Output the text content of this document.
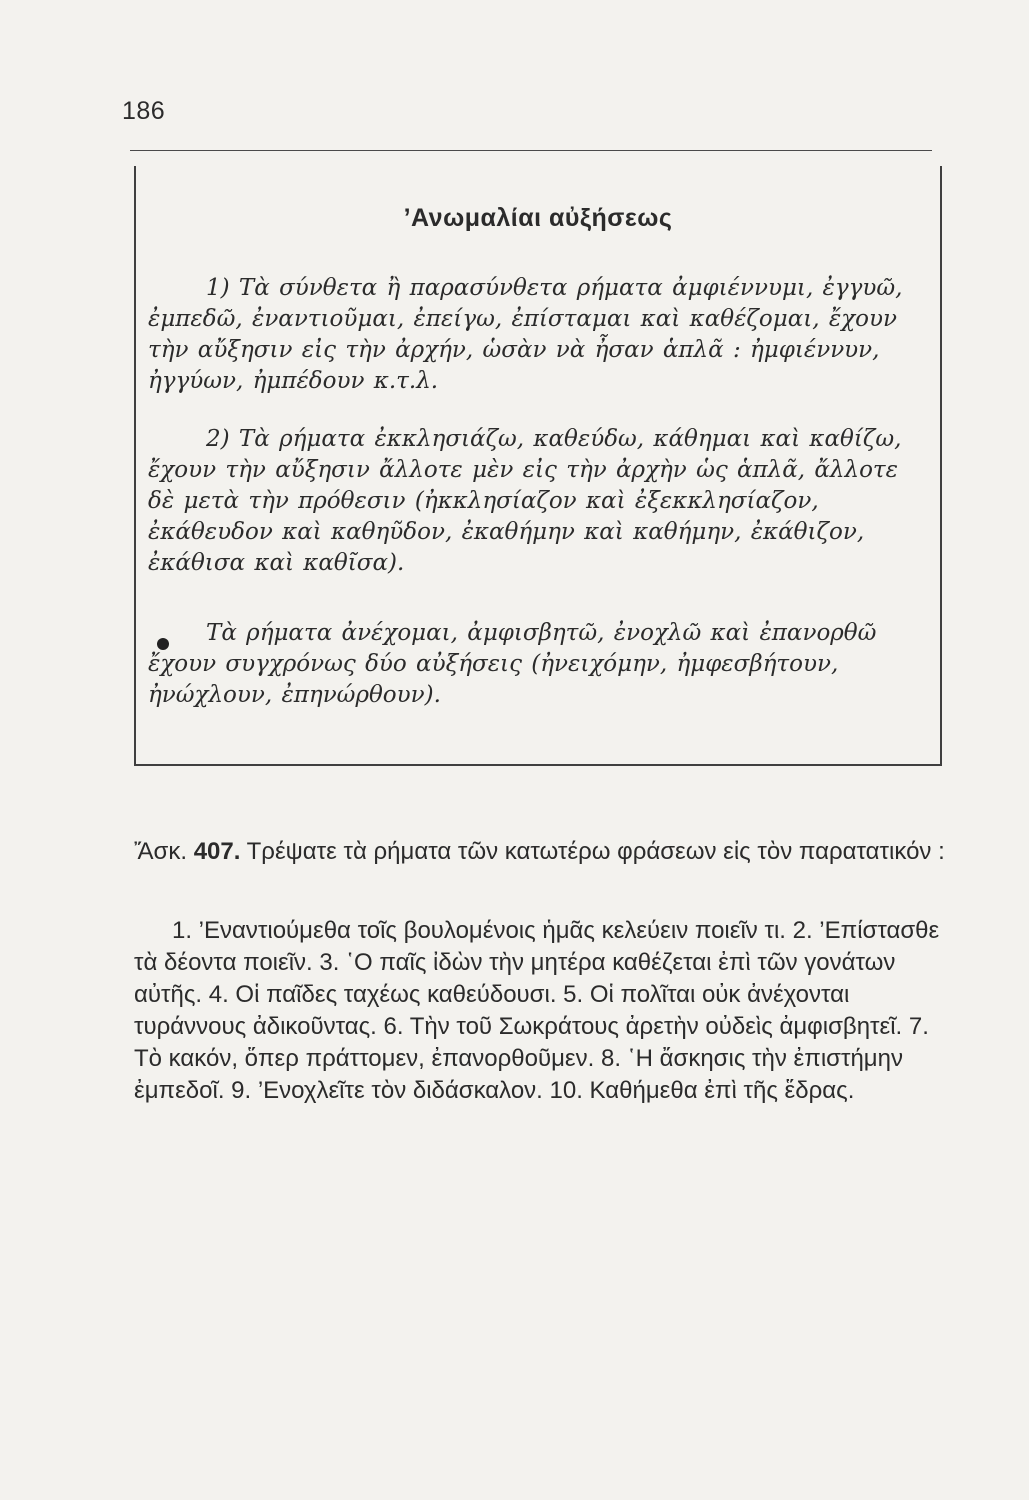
186
’Ανωμαλίαι αὐξήσεως
1) Τὰ σύνθετα ἢ παρασύνθετα ρήματα ἀμφιέννυμι, ἐγγυῶ, ἐμπεδῶ, ἐναντιοῦμαι, ἐπείγω, ἐπίσταμαι καὶ καθέζομαι, ἔχουν τὴν αὔξησιν εἰς τὴν ἀρχήν, ὡσὰν νὰ ἦσαν ἁπλᾶ : ἠμφιέννυν, ἠγγύων, ἠμπέδουν κ.τ.λ.
2) Τὰ ρήματα ἐκκλησιάζω, καθεύδω, κάθημαι καὶ καθίζω, ἔχουν τὴν αὔξησιν ἄλλοτε μὲν εἰς τὴν ἀρχὴν ὡς ἁπλᾶ, ἄλλοτε δὲ μετὰ τὴν πρόθεσιν (ἠκκλησίαζον καὶ ἐξεκκλησίαζον, ἐκάθευδον καὶ καθηῦδον, ἐκαθήμην καὶ καθήμην, ἐκάθιζον, ἐκάθισα καὶ καθῖσα).
Τὰ ρήματα ἀνέχομαι, ἀμφισβητῶ, ἐνοχλῶ καὶ ἐπανορθῶ ἔχουν συγχρόνως δύο αὐξήσεις (ἠνειχόμην, ἠμφεσβήτουν, ἠνώχλουν, ἐπηνώρθουν).
Ἄσκ. 407. Τρέψατε τὰ ρήματα τῶν κατωτέρω φράσεων εἰς τὸν παρατατικόν :
1. ’Εναντιούμεθα τοῖς βουλομένοις ἡμᾶς κελεύειν ποιεῖν τι. 2. ’Επίστασθε τὰ δέοντα ποιεῖν. 3. ῾Ο παῖς ἰδὼν τὴν μητέρα καθέζεται ἐπὶ τῶν γονάτων αὐτῆς. 4. Οἱ παῖδες ταχέως καθεύδουσι. 5. Οἱ πολῖται οὐκ ἀνέχονται τυράννους ἀδικοῦντας. 6. Τὴν τοῦ Σωκράτους ἀρετὴν οὐδεὶς ἀμφισβητεῖ. 7. Τὸ κακόν, ὅπερ πράττομεν, ἐπανορθοῦμεν. 8. ῾Η ἄσκησις τὴν ἐπιστήμην ἐμπεδοῖ. 9. ’Ενοχλεῖτε τὸν διδάσκαλον. 10. Καθήμεθα ἐπὶ τῆς ἕδρας.
